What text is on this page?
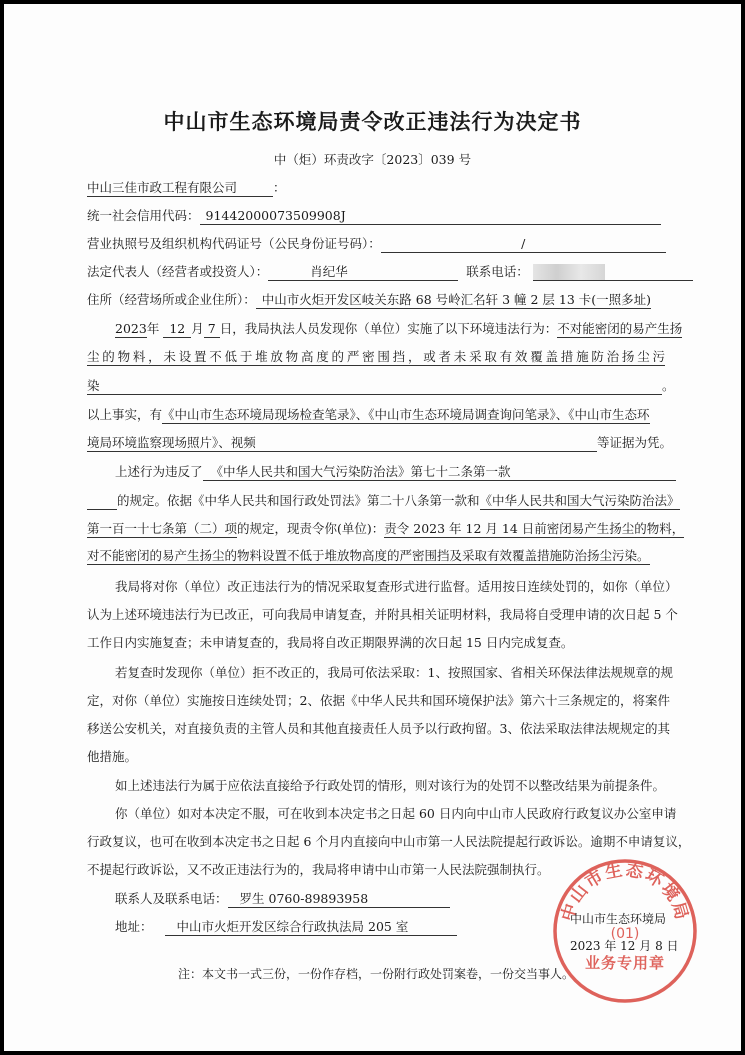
中山市生态环境局责令改正违法行为决定书
中（炬）环责改字〔2023〕039 号
中山三佳市政工程有限公司	：
统一社会信用代码： 91442000073509908J
营业执照号及组织机构代码证号（公民身份证号码）：	/
法定代表人（经营者或投资人）：	肖纪华	联系电话：
住所（经营场所或企业住所）： 中山市火炬开发区岐关东路 68 号岭汇名轩 3 幢 2 层 13 卡(一照多址)
2023年 12 月 7 日，我局执法人员发现你（单位）实施了以下环境违法行为：不对能密闭的易产生扬
尘的物料，未设置不低于堆放物高度的严密围挡，或者未采取有效覆盖措施防治扬尘污
染	。
以上事实，有《中山市生态环境局现场检查笔录》、《中山市生态环境局调查询问笔录》、《中山市生态环
境局环境监察现场照片》、视频	等证据为凭。
上述行为违反了 《中华人民共和国大气污染防治法》第七十二条第一款
的规定。依据《中华人民共和国行政处罚法》第二十八条第一款和《中华人民共和国大气污染防治法》
第一百一十七条第（二）项的规定，现责令你(单位)：责令 2023 年 12 月 14 日前密闭易产生扬尘的物料，
对不能密闭的易产生扬尘的物料设置不低于堆放物高度的严密围挡及采取有效覆盖措施防治扬尘污染。
我局将对你（单位）改正违法行为的情况采取复查形式进行监督。适用按日连续处罚的，如你（单位）
认为上述环境违法行为已改正，可向我局申请复查，并附具相关证明材料，我局将自受理申请的次日起 5 个
工作日内实施复查；未申请复查的，我局将自改正期限界满的次日起 15 日内完成复查。
若复查时发现你（单位）拒不改正的，我局可依法采取：1、按照国家、省相关环保法律法规规章的规
定，对你（单位）实施按日连续处罚；2、依据《中华人民共和国环境保护法》第六十三条规定的，将案件
移送公安机关，对直接负责的主管人员和其他直接责任人员予以行政拘留。3、依法采取法律法规规定的其
他措施。
如上述违法行为属于应依法直接给予行政处罚的情形，则对该行为的处罚不以整改结果为前提条件。
你（单位）如对本决定不服，可在收到本决定书之日起 60 日内向中山市人民政府行政复议办公室申请
行政复议，也可在收到本决定书之日起 6 个月内直接向中山市第一人民法院提起行政诉讼。逾期不申请复议，
不提起行政诉讼，又不改正违法行为的，我局将申请中山市第一人民法院强制执行。
联系人及联系电话： 罗生 0760-89893958
地址： 中山市火炬开发区综合行政执法局 205 室
中山市生态环境局
(01)
业务专用章
中山市生态环境局
2023 年 12 月 8 日
注：本文书一式三份，一份作存档，一份附行政处罚案卷，一份交当事人。
